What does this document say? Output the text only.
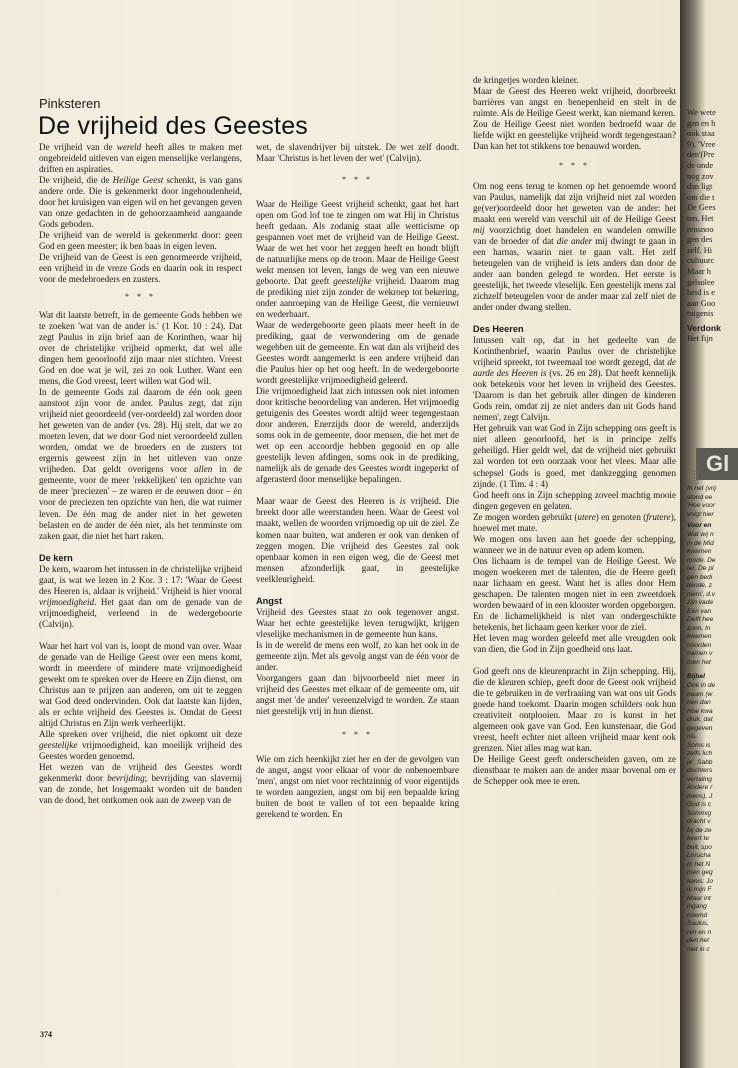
Pinksteren
De vrijheid des Geestes

De vrijheid van de wereld heeft alles te maken met ongebreideld uitleven van eigen menselijke verlangens, driften en aspiraties.

De vrijheid, die de Heilige Geest schenkt, is van gans andere orde. Die is gekenmerkt door ingehoudenheid, door het kruisigen van eigen wil en het gevangen geven van onze gedachten in de gehoorzaamheid aangaande Gods geboden.

De vrijheid van de wereld is gekenmerkt door: geen God en geen meester; ik ben baas in eigen leven.

De vrijheid van de Geest is een genormeerde vrijheid, een vrijheid in de vreze Gods en daarin ook in respect voor de medebroeders en zusters.

* * *

Wat dit laatste betreft, in de gemeente Gods hebben we te zoeken 'wat van de ander is.' (1 Kor. 10 : 24). Dat zegt Paulus in zijn brief aan de Korinthen, waar hij over de christelijke vrijheid opmerkt, dat wel alle dingen hem geoorloofd zijn maar niet stichten. Vreest God en doe wat je wil, zei zo ook Luther. Want een mens, die God vreest, leert willen wat God wil.

In de gemeente Gods zal daarom de één ook geen aanstoot zijn voor de ander. Paulus zegt, dat zijn vrijheid niet geoordeeld (ver-oordeeld) zal worden door het geweten van de ander (vs. 28). Hij stelt, dat we zo moeten leven, dat we door God niet veroordeeld zullen worden, omdat we de broeders en de zusters tot ergernis geweest zijn in het uitleven van onze vrijheden. Dat geldt overigens voor allen in de gemeente, voor de meer 'rekkelijken' ten opzichte van de meer 'preciezen' – ze waren er de eeuwen door – én voor de preciezen ten opzichte van hen, die wat ruimer leven. De één mag de ander niet in het geweten belasten en de ander de één niet, als het tenminste om zaken gaat, die niet het hart raken.

De kern

De kern, waarom het intussen in de christelijke vrijheid gaat, is wat we lezen in 2 Kor. 3 : 17: 'Waar de Geest des Heeren is, aldaar is vrijheid.' Vrijheid is hier vooral vrijmoedigheid. Het gaat dan om de genade van de vrijmoedigheid, verleend in de wedergeboorte (Calvijn).

Waar het hart vol van is, loopt de mond van over. Waar de genade van de Heilige Geest over een mens komt, wordt in meerdere of mindere mate vrijmoedigheid gewekt om te spreken over de Heere en Zijn dienst, om Christus aan te prijzen aan anderen, om uit te zeggen wat God deed ondervinden. Ook dat laatste kan lijden, als er echte vrijheid des Geestes is. Omdat de Geest altijd Christus en Zijn werk verheerlijkt.

Alle spreken over vrijheid, die niet opkomt uit deze geestelijke vrijmoedigheid, kan moeilijk vrijheid des Geestes worden genoemd.

Het wezen van de vrijheid des Geestes wordt gekenmerkt door bevrijding; bevrijding van slavernij van de zonde, het losgemaakt worden uit de banden van de dood, het ontkomen ook aan de zweep van de

wet, de slavendrijver bij uitstek. De wet zelf doodt. Maar 'Christus is het leven der wet' (Calvijn).

* * *

Waar de Heilige Geest vrijheid schenkt, gaat het hart open om God lof toe te zingen om wat Hij in Christus heeft gedaan. Als zodanig staat alle wetticisme op gespannen voet met de vrijheid van de Heilige Geest. Waar de wet het voor het zeggen heeft en houdt blijft de natuurlijke mens op de troon. Maar de Heilige Geest wekt mensen tot leven, langs de weg van een nieuwe geboorte. Dat geeft geestelijke vrijheid. Daarom mag de prediking niet zijn zonder de wekroep tot bekering, onder aanroeping van de Heilige Geest, die vernieuwt en wederbaart.

Waar de wedergeboorte geen plaats meer heeft in de prediking, gaat de verwondering om de genade wegebben uit de gemeente. En wat dan als vrijheid des Geestes wordt aangemerkt is een andere vrijheid dan die Paulus hier op het oog heeft. In de wedergeboorte wordt geestelijke vrijmoedigheid geleerd.

Die vrijmoedigheid laat zich intussen ook niet intomen door kritische beoordeling van anderen. Het vrijmoedig getuigenis des Geestes wordt altijd weer tegengestaan door anderen. Enerzijds door de wereld, anderzijds soms ook in de gemeente, door mensen, die het met de wet op een accoordje hebben gegooid en op alle geestelijk leven afdingen, soms ook in de prediking, namelijk als de genade des Geestes wordt ingeperkt of afgerasterd door menselijke bepalingen.

Maar waar de Geest des Heeren is is vrijheid. Die breekt door alle weerstanden heen. Waar de Geest vol maakt, wellen de woorden vrijmoedig op uit de ziel. Ze komen naar buiten, wat anderen er ook van denken of zeggen mogen. Die vrijheid des Geestes zal ook openbaar komen in een eigen weg, die de Geest met mensen afzonderlijk gaat, in geestelijke veelkleurigheid.

Angst

Vrijheid des Geestes staat zo ook tegenover angst. Waar het echte geestelijke leven terugwijkt, krijgen vleselijke mechanismen in de gemeente hun kans.

Is in de wereld de mens een wolf, zo kan het ook in de gemeente zijn. Met als gevolg angst van de één voor de ander.

Voorgangers gaan dan bijvoorbeeld niet meer in vrijheid des Geestes met elkaar of de gemeente om, uit angst met 'de ander' vereenzelvigd te worden. Ze staan niet geestelijk vrij in hun dienst.

* * *

Wie om zich heenkijkt ziet her en der de gevolgen van de angst, angst voor elkaar of voor de onbenoembare 'men', angst om niet voor rechtzinnig of voor eigentijds te worden aangezien, angst om bij een bepaalde kring buiten de boot te vallen of tot een bepaalde kring gerekend te worden. En

de kringetjes worden kleiner.

Maar de Geest des Heeren wekt vrijheid, doorbreekt barrières van angst en benepenheid en stelt in de ruimte. Als de Heilige Geest werkt, kan niemand keren.

Zou de Heilige Geest niet worden bedroefd waar de liefde wijkt en geestelijke vrijheid wordt tegengestaan? Dan kan het tot stikkens toe benauwd worden.

* * *

Om nog eens terug te komen op het genoemde woord van Paulus, namelijk dat zijn vrijheid niet zal worden ge(ver)oordeeld door het geweten van de ander: het maakt een wereld van verschil uit of de Heilige Geest mij voorzichtig doet handelen en wandelen omwille van de broeder of dat die ander mij dwingt te gaan in een harnas, waarin niet te gaan valt. Het zelf beteugelen van de vrijheid is iets anders dan door de ander aan banden gelegd te worden. Het eerste is geestelijk, het tweede vleselijk. Een geestelijk mens zal zichzelf beteugelen voor de ander maar zal zelf niet de ander onder dwang stellen.

Des Heeren

Intussen valt op, dat in het gedeelte van de Korinthenbrief, waarin Paulus over de christelijke vrijheid spreekt, tot tweemaal toe wordt gezegd, dat de aarde des Heeren is (vs. 26 en 28). Dat heeft kennelijk ook betekenis voor het leven in vrijheid des Geestes. 'Daarom is dan het gebruik aller dingen de kinderen Gods rein, omdat zij ze niet anders dan uit Gods hand nemen', zegt Calvijn.

Het gebruik van wat God in Zijn schepping ons geeft is niet alleen geoorloofd, het is in principe zelfs geheiligd. Hier geldt wel, dat de vrijheid niet gebruikt zal worden tot een oorzaak voor het vlees. Maar alle schepsel Gods is goed, met dankzegging genomen zijnde. (1 Tim. 4 : 4)

God heeft ons in Zijn schepping zoveel machtig mooie dingen gegeven en gelaten.

Ze mogen worden gebruikt (utere) en genoten (frutere), hoewel met mate.

We mogen ons laven aan het goede der schepping, wanneer we in de natuur even op adem komen.

Ons lichaam is de tempel van de Heilige Geest. We mogen woekeren met de talenten, die de Heere geeft naar lichaam en geest. Want het is alles door Hem geschapen. De talenten mogen niet in een zweetdoek worden bewaard of in een klooster worden opgeborgen. En de lichamelijkheid is niet van ondergeschikte betekenis, het lichaam geen kerker voor de ziel.

Het leven mag worden geleefd met alle vreugden ook van dien, die God in Zijn goedheid ons laat.

God geeft ons de kleurenpracht in Zijn schepping. Hij, die de kleuren schiep, geeft door de Geest ook vrijheid die te gebruiken in de verfraaiing van wat ons uit Gods goede hand toekomt. Daarin mogen schilders ook hun creativiteit ontplooien. Maar zo is kunst in het algemeen ook gave van God. Een kunstenaar, die God vreest, heeft echter niet alleen vrijheid maar kent ook grenzen. Niet alles mag wat kan.

De Heilige Geest geeft onderscheiden gaven, om ze dienstbaar te maken aan de ander maar bovenal om er de Schepper ook mee te eren.

374
We wete
gen en h
ook staa
9). 'Vree
den'(Pre
de onde
nog zov
dan ligt
om die t
De Gees
ten. Het
rensnoo
gen des
zelf. Hi
cultuurc
Maar h
gelsolee
heid is e
aan Goo
tuigenis
Verdonk
Het fijn
Gl
In het (vrij
stond ee
'Hoe voor
volgt hier
Voor en
Wat wij n
in de Mid
kwamen
mode. De
ter. De pl
gen bedi
tiende, z
niem', d.v
zijn vade
Eén van
Delft hee
zoon. In
kwamen
noorden
namen v
toen het
Bijbel
Ook in de
naam (w
nen dan
Hoe kwa
druk, dat
gegeven
nis.
Soms is
zelfs lich
je', Sabb
dochters
vertaling
Andere r
mens), J
God is c
Sommig
dracht v
bij de ze
keert te
buit, spo
Lorucha
In het N
men geg
kenis: Jo
is mijn F
Maar int
ingang
noemd
Saulus,
ren en n
den het
niet in c
